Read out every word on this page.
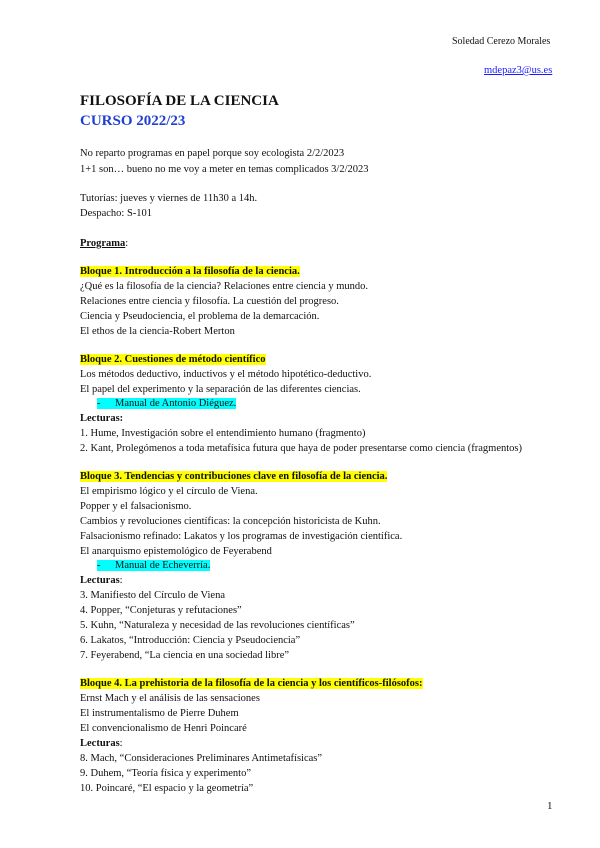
Soledad Cerezo Morales
mdepaz3@us.es
FILOSOFÍA DE LA CIENCIA
CURSO 2022/23
No reparto programas en papel porque soy ecologista 2/2/2023
1+1 son… bueno no me voy a meter en temas complicados 3/2/2023
Tutorías: jueves y viernes de 11h30 a 14h.
Despacho: S-101
Programa:
Bloque 1. Introducción a la filosofía de la ciencia.
¿Qué es la filosofía de la ciencia? Relaciones entre ciencia y mundo.
Relaciones entre ciencia y filosofía. La cuestión del progreso.
Ciencia y Pseudociencia, el problema de la demarcación.
El ethos de la ciencia-Robert Merton
Bloque 2. Cuestiones de método científico
Los métodos deductivo, inductivos y el método hipotético-deductivo.
El papel del experimento y la separación de las diferentes ciencias.
- Manual de Antonio Diéguez.
Lecturas:
1. Hume, Investigación sobre el entendimiento humano (fragmento)
2. Kant, Prolegómenos a toda metafísica futura que haya de poder presentarse como ciencia (fragmentos)
Bloque 3. Tendencias y contribuciones clave en filosofía de la ciencia.
El empirismo lógico y el círculo de Viena.
Popper y el falsacionismo.
Cambios y revoluciones científicas: la concepción historicista de Kuhn.
Falsacionismo refinado: Lakatos y los programas de investigación científica.
El anarquismo epistemológico de Feyerabend
- Manual de Echeverría.
Lecturas:
3. Manifiesto del Círculo de Viena
4. Popper, “Conjeturas y refutaciones”
5. Kuhn, “Naturaleza y necesidad de las revoluciones científicas”
6. Lakatos, “Introducción: Ciencia y Pseudociencia”
7. Feyerabend, “La ciencia en una sociedad libre”
Bloque 4. La prehistoria de la filosofía de la ciencia y los científicos-filósofos:
Ernst Mach y el análisis de las sensaciones
El instrumentalismo de Pierre Duhem
El convencionalismo de Henri Poincaré
Lecturas:
8. Mach, “Consideraciones Preliminares Antimetafísicas”
9. Duhem, “Teoría física y experimento”
10. Poincaré, “El espacio y la geometría”
1
